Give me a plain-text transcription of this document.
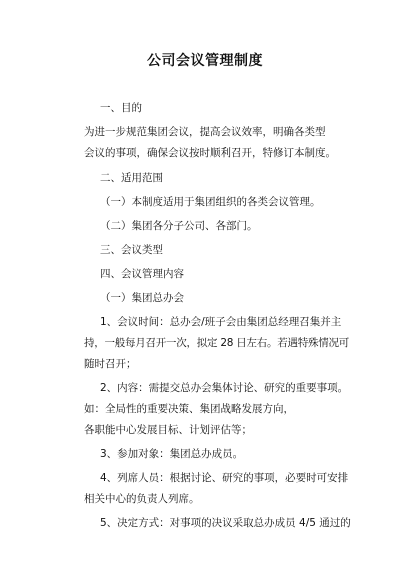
公司会议管理制度
一、目的
为进一步规范集团会议，提高会议效率，明确各类型
会议的事项，确保会议按时顺利召开，特修订本制度。
二、适用范围
（一）本制度适用于集团组织的各类会议管理。
（二）集团各分子公司、各部门。
三、会议类型
四、会议管理内容
（一）集团总办会
1、会议时间：总办会/班子会由集团总经理召集并主
持，一般每月召开一次，拟定 28 日左右。若遇特殊情况可
随时召开；
2、内容：需提交总办会集体讨论、研究的重要事项。
如：全局性的重要决策、集团战略发展方向，
各职能中心发展目标、计划评估等；
3、参加对象：集团总办成员。
4、列席人员：根据讨论、研究的事项，必要时可安排
相关中心的负责人列席。
5、决定方式：对事项的决议采取总办成员 4/5 通过的
